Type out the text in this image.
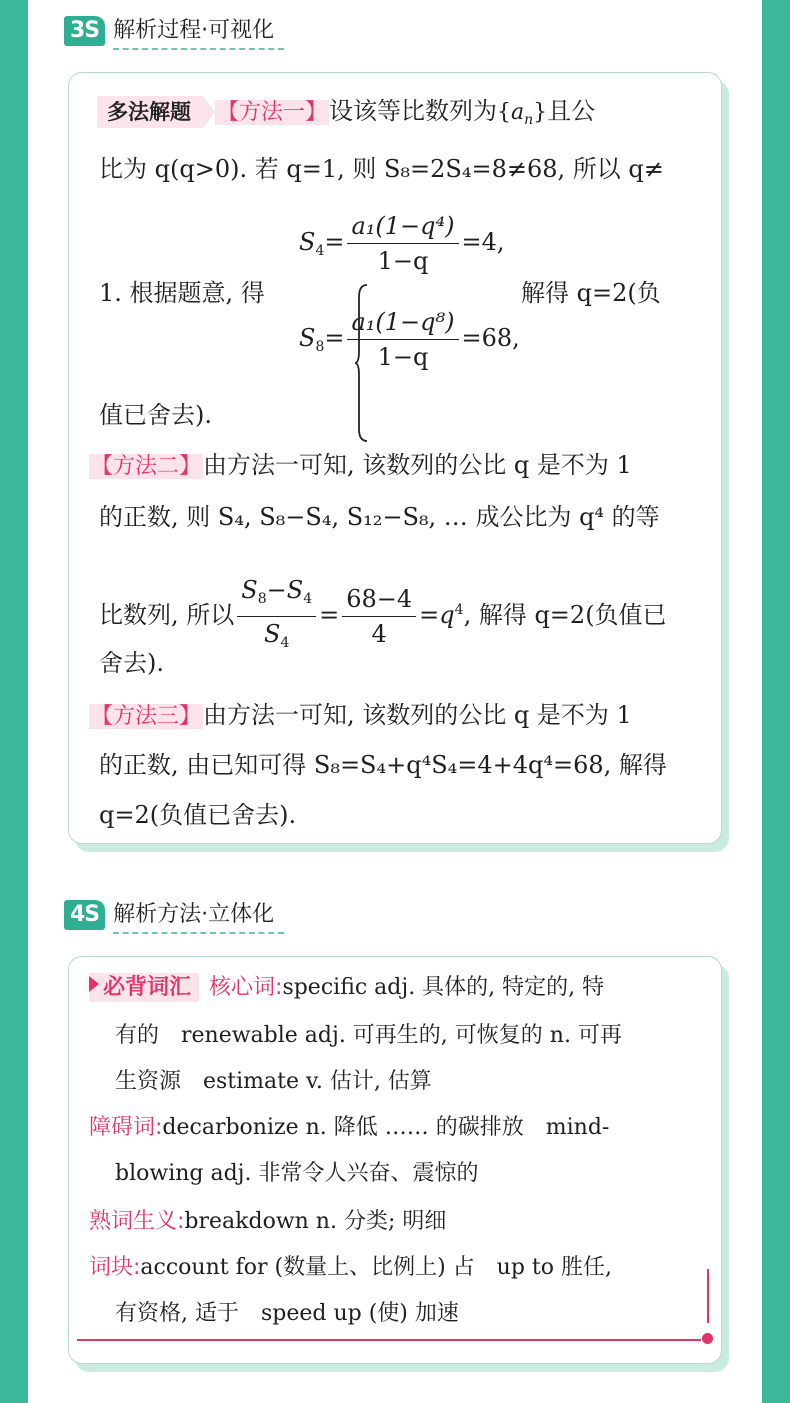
3S 解析过程·可视化
多法解题 【方法一】设该等比数列为$\{a_n\}$且公
比为 q(q>0). 若 q=1, 则 S₈=2S₄=8≠68, 所以 q≠
1. 根据题意, 得
$S_4= \frac{\text{a₁(1−q⁴)}}{1-q} =4$,
$S_8= \frac{\text{a₁(1−q⁸)}}{1-q} =68$,
解得 q=2(负
值已舍去).
【方法二】由方法一可知, 该数列的公比 q 是不为 1
的正数, 则 S₄, S₈−S₄, S₁₂−S₈, … 成公比为 q⁴ 的等
比数列, 所以 $\frac{S_8-S_4}{S_4} = \frac{68-4}{4} =q^4$, 解得 q=2(负值已
舍去).
【方法三】由方法一可知, 该数列的公比 q 是不为 1
的正数, 由已知可得 S₈=S₄+q⁴S₄=4+4q⁴=68, 解得
q=2(负值已舍去).
4S 解析方法·立体化
必背词汇 核心词:specific adj. 具体的, 特定的, 特
有的　renewable adj. 可再生的, 可恢复的 n. 可再
生资源　estimate v. 估计, 估算
障碍词:decarbonize n. 降低 …… 的碳排放　mind-
blowing adj. 非常令人兴奋、震惊的
熟词生义:breakdown n. 分类; 明细
词块:account for (数量上、比例上) 占　up to 胜任,
有资格, 适于　speed up (使) 加速
